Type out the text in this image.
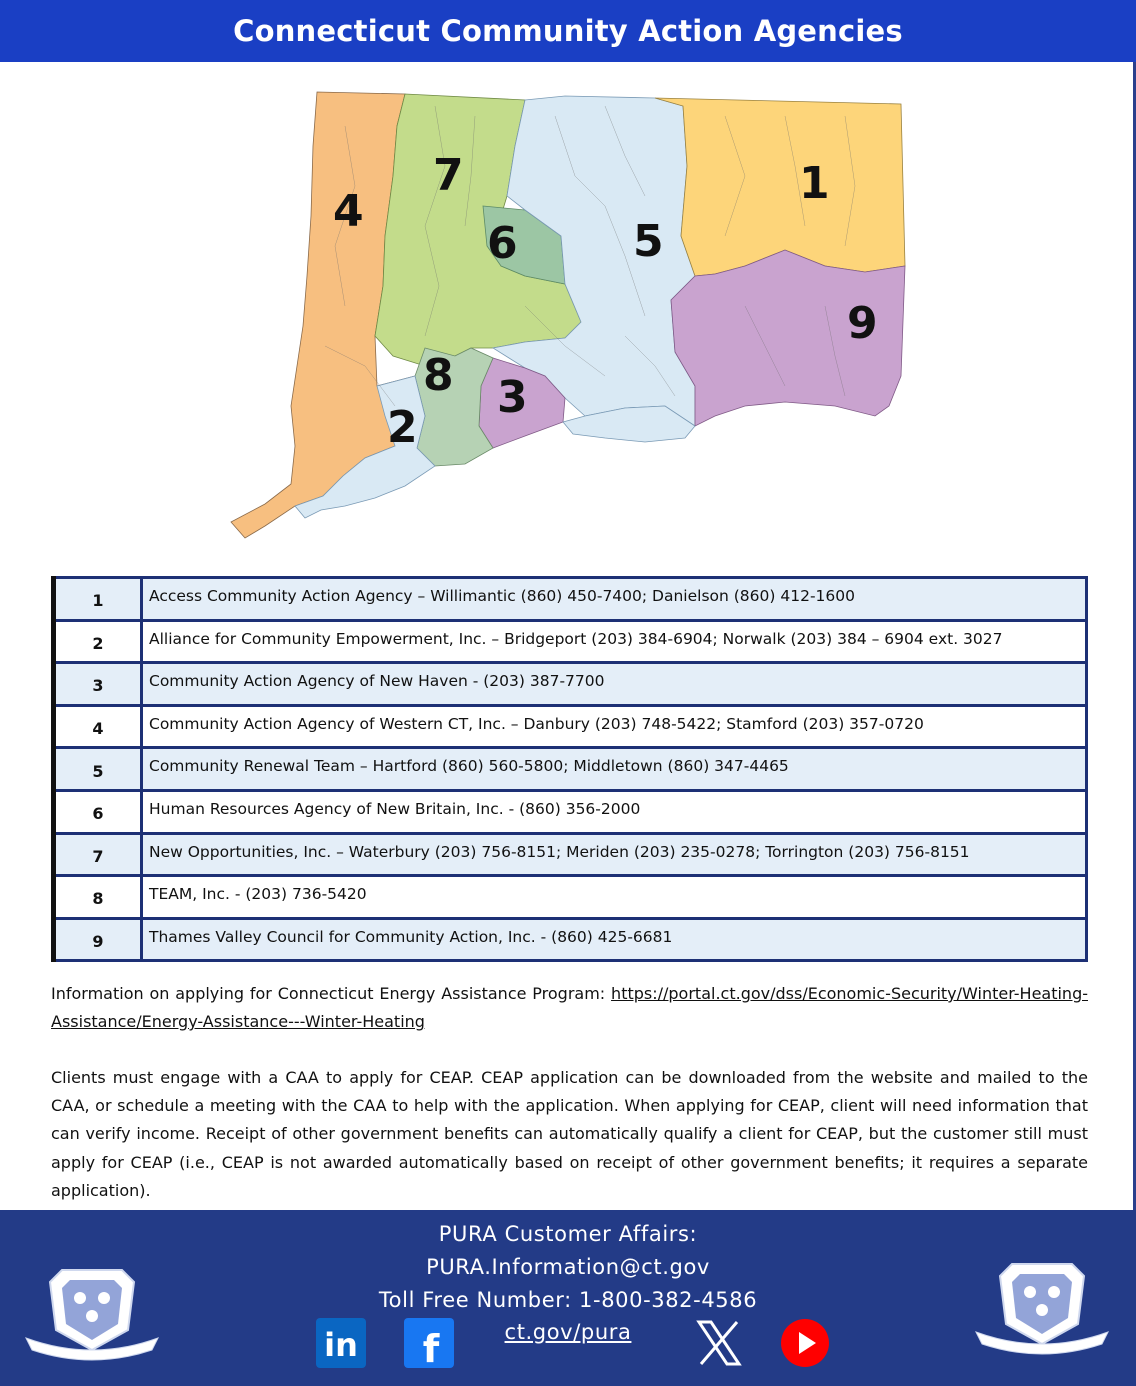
Connecticut Community Action Agencies
1
2
3
4
5
6
7
8
9
1	Access Community Action Agency – Willimantic (860) 450-7400; Danielson (860) 412-1600
2	Alliance for Community Empowerment, Inc. – Bridgeport (203) 384-6904; Norwalk (203) 384 – 6904 ext. 3027
3	Community Action Agency of New Haven - (203) 387-7700
4	Community Action Agency of Western CT, Inc. – Danbury (203) 748-5422; Stamford (203) 357-0720
5	Community Renewal Team – Hartford (860) 560-5800; Middletown (860) 347-4465
6	Human Resources Agency of New Britain, Inc. - (860) 356-2000
7	New Opportunities, Inc. – Waterbury (203) 756-8151; Meriden (203) 235-0278; Torrington (203) 756-8151
8	TEAM, Inc. - (203) 736-5420
9	Thames Valley Council for Community Action, Inc. - (860) 425-6681
Information on applying for Connecticut Energy Assistance Program: https://portal.ct.gov/dss/Economic-Security/Winter-Heating-Assistance/Energy-Assistance---Winter-Heating
Clients must engage with a CAA to apply for CEAP. CEAP application can be downloaded from the website and mailed to the CAA, or schedule a meeting with the CAA to help with the application. When applying for CEAP, client will need information that can verify income. Receipt of other government benefits can automatically qualify a client for CEAP, but the customer still must apply for CEAP (i.e., CEAP is not awarded automatically based on receipt of other government benefits; it requires a separate application).
PURA Customer Affairs:
PURA.Information@ct.gov
Toll Free Number: 1-800-382-4586
ct.gov/pura
in f
